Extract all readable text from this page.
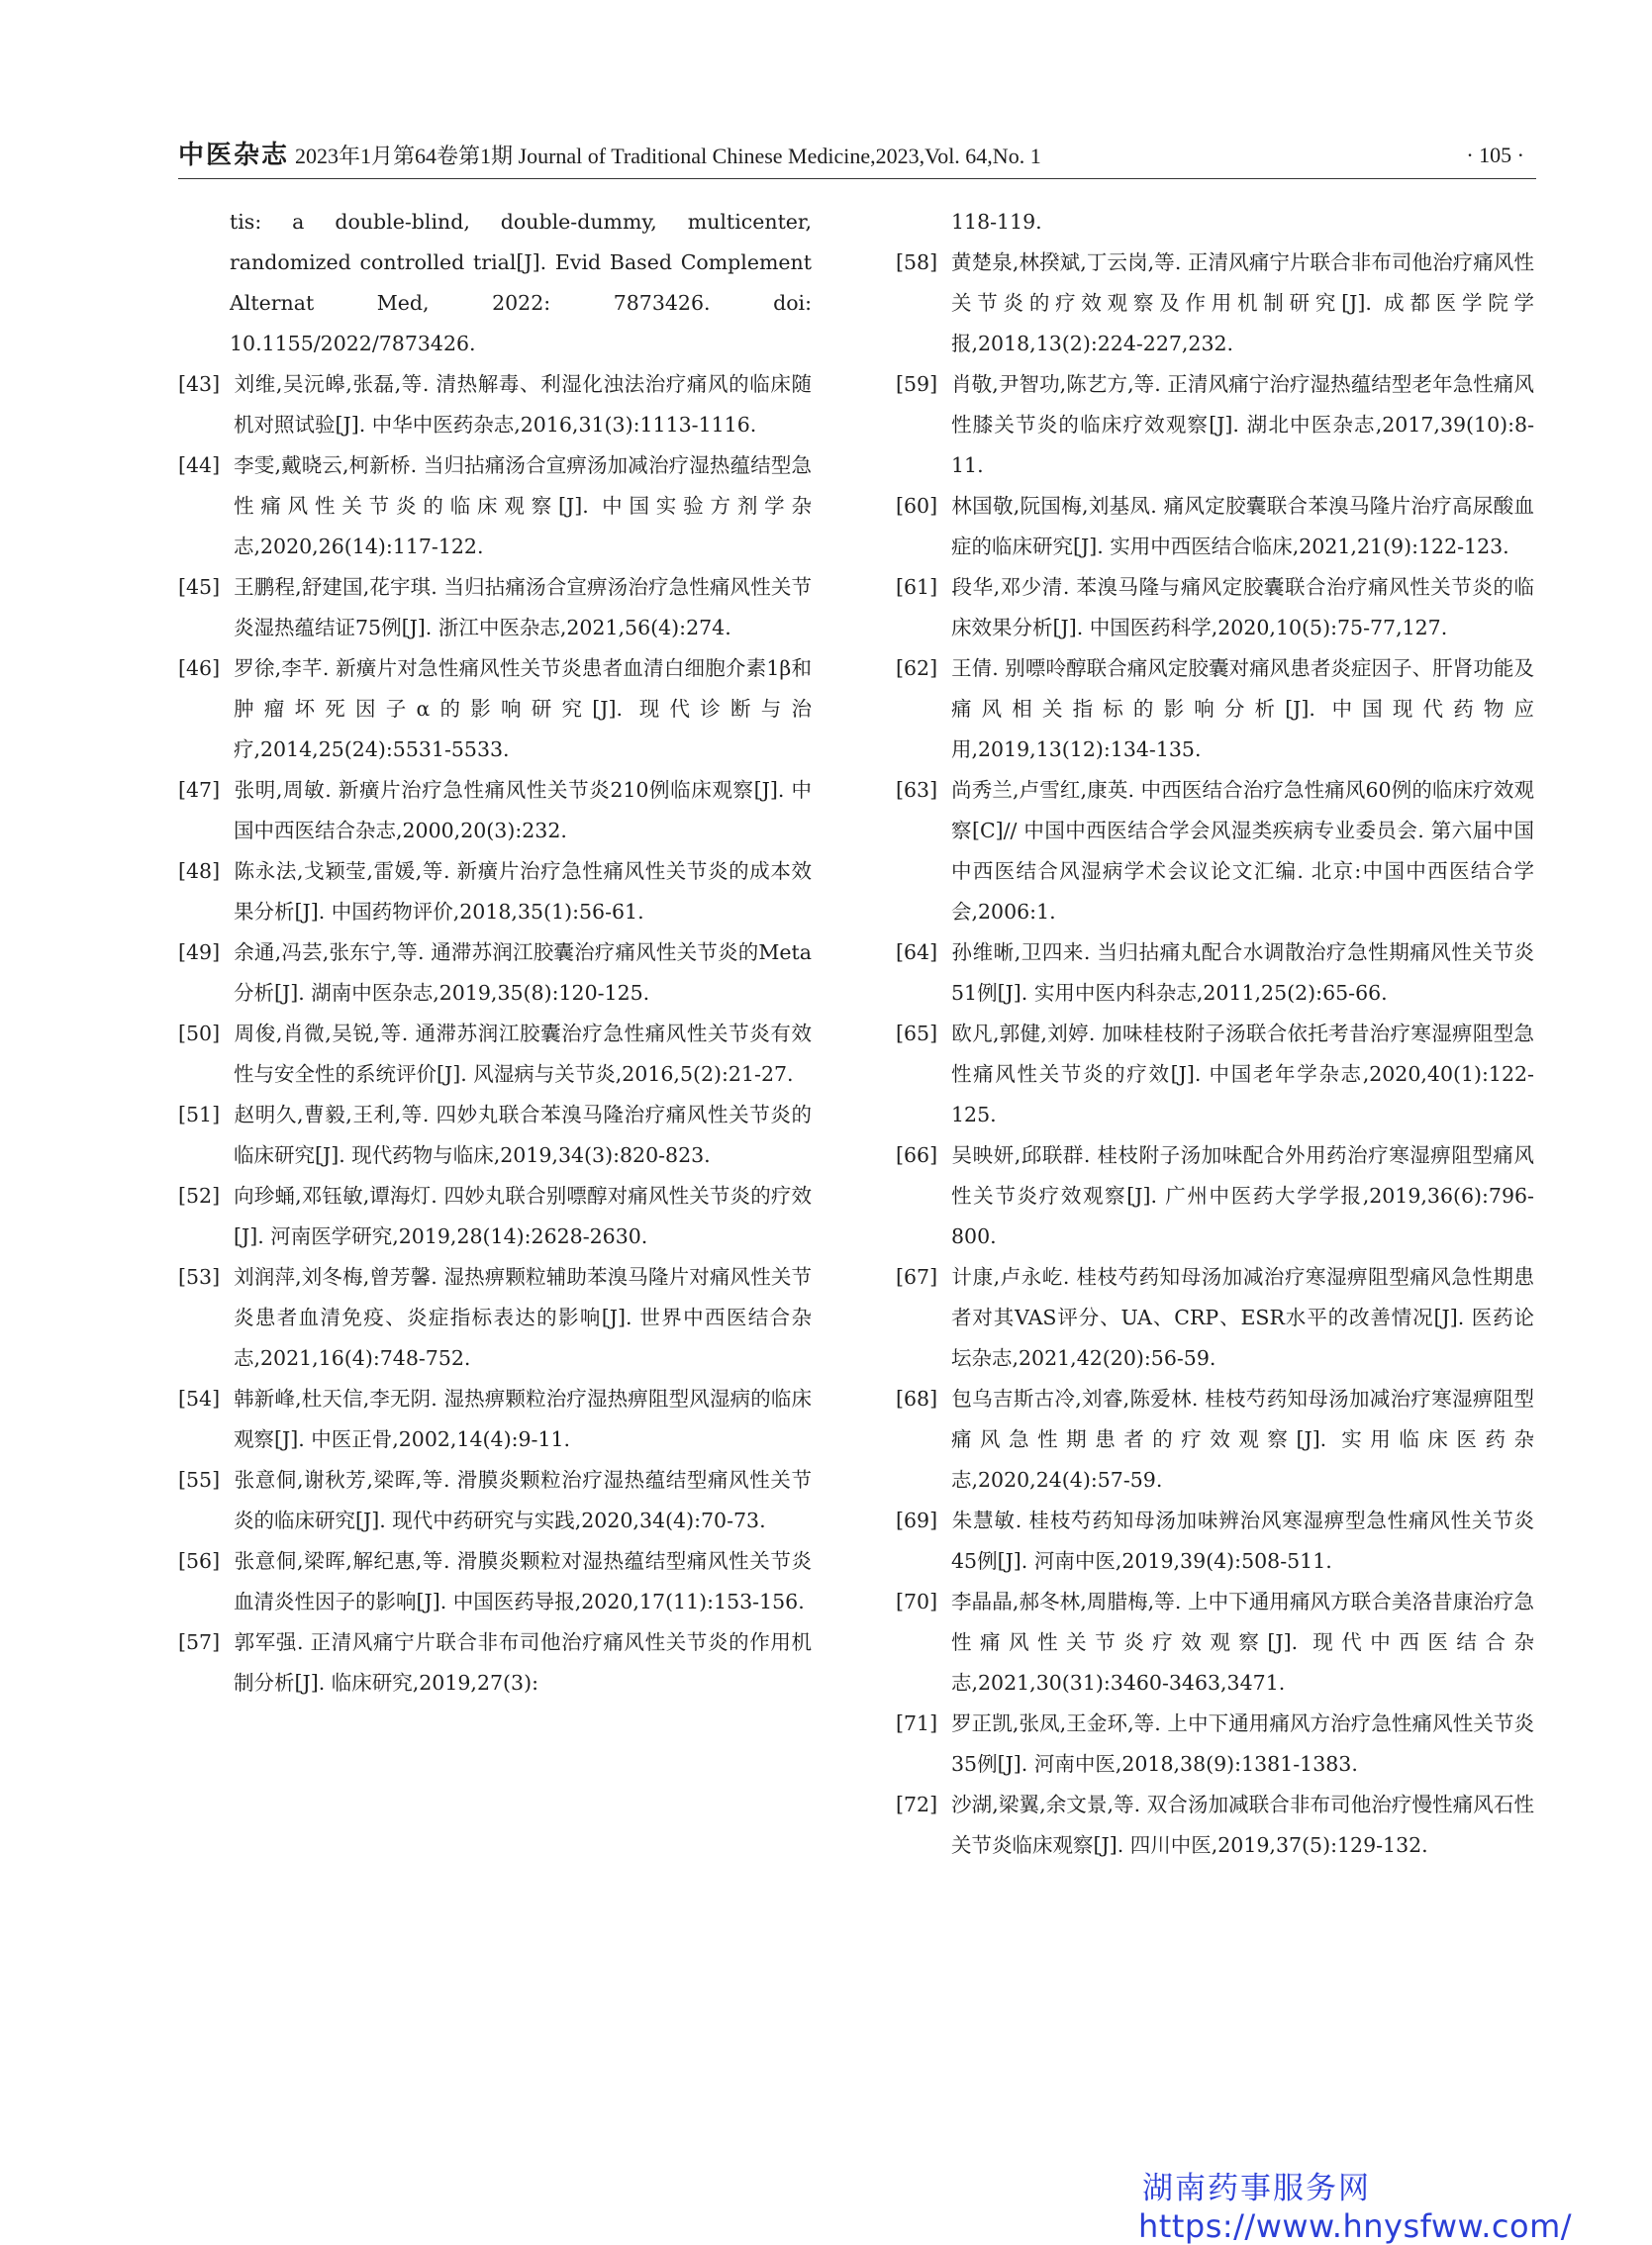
中医杂志 2023年1月第64卷第1期 Journal of Traditional Chinese Medicine,2023,Vol. 64,No. 1	· 105 ·
tis: a double-blind, double-dummy, multicenter, randomized controlled trial[J]. Evid Based Complement Alternat Med, 2022: 7873426. doi: 10.1155/2022/7873426.
[43] 刘维,吴沅皞,张磊,等. 清热解毒、利湿化浊法治疗痛风的临床随机对照试验[J]. 中华中医药杂志,2016,31(3):1113-1116.
[44] 李雯,戴晓云,柯新桥. 当归拈痛汤合宣痹汤加减治疗湿热蕴结型急性痛风性关节炎的临床观察[J]. 中国实验方剂学杂志,2020,26(14):117-122.
[45] 王鹏程,舒建国,花宇琪. 当归拈痛汤合宣痹汤治疗急性痛风性关节炎湿热蕴结证75例[J]. 浙江中医杂志,2021,56(4):274.
[46] 罗徐,李芊. 新癀片对急性痛风性关节炎患者血清白细胞介素1β和肿瘤坏死因子α的影响研究[J]. 现代诊断与治疗,2014,25(24):5531-5533.
[47] 张明,周敏. 新癀片治疗急性痛风性关节炎210例临床观察[J]. 中国中西医结合杂志,2000,20(3):232.
[48] 陈永法,戈颖莹,雷媛,等. 新癀片治疗急性痛风性关节炎的成本效果分析[J]. 中国药物评价,2018,35(1):56-61.
[49] 余通,冯芸,张东宁,等. 通滞苏润江胶囊治疗痛风性关节炎的Meta分析[J]. 湖南中医杂志,2019,35(8):120-125.
[50] 周俊,肖微,吴锐,等. 通滞苏润江胶囊治疗急性痛风性关节炎有效性与安全性的系统评价[J]. 风湿病与关节炎,2016,5(2):21-27.
[51] 赵明久,曹毅,王利,等. 四妙丸联合苯溴马隆治疗痛风性关节炎的临床研究[J]. 现代药物与临床,2019,34(3):820-823.
[52] 向珍蛹,邓钰敏,谭海灯. 四妙丸联合别嘌醇对痛风性关节炎的疗效[J]. 河南医学研究,2019,28(14):2628-2630.
[53] 刘润萍,刘冬梅,曾芳馨. 湿热痹颗粒辅助苯溴马隆片对痛风性关节炎患者血清免疫、炎症指标表达的影响[J]. 世界中西医结合杂志,2021,16(4):748-752.
[54] 韩新峰,杜天信,李无阴. 湿热痹颗粒治疗湿热痹阻型风湿病的临床观察[J]. 中医正骨,2002,14(4):9-11.
[55] 张意侗,谢秋芳,梁晖,等. 滑膜炎颗粒治疗湿热蕴结型痛风性关节炎的临床研究[J]. 现代中药研究与实践,2020,34(4):70-73.
[56] 张意侗,梁晖,解纪惠,等. 滑膜炎颗粒对湿热蕴结型痛风性关节炎血清炎性因子的影响[J]. 中国医药导报,2020,17(11):153-156.
[57] 郭军强. 正清风痛宁片联合非布司他治疗痛风性关节炎的作用机制分析[J]. 临床研究,2019,27(3):
118-119.
[58] 黄楚泉,林揆斌,丁云岗,等. 正清风痛宁片联合非布司他治疗痛风性关节炎的疗效观察及作用机制研究[J]. 成都医学院学报,2018,13(2):224-227,232.
[59] 肖敬,尹智功,陈艺方,等. 正清风痛宁治疗湿热蕴结型老年急性痛风性膝关节炎的临床疗效观察[J]. 湖北中医杂志,2017,39(10):8-11.
[60] 林国敬,阮国梅,刘基凤. 痛风定胶囊联合苯溴马隆片治疗高尿酸血症的临床研究[J]. 实用中西医结合临床,2021,21(9):122-123.
[61] 段华,邓少清. 苯溴马隆与痛风定胶囊联合治疗痛风性关节炎的临床效果分析[J]. 中国医药科学,2020,10(5):75-77,127.
[62] 王倩. 别嘌呤醇联合痛风定胶囊对痛风患者炎症因子、肝肾功能及痛风相关指标的影响分析[J]. 中国现代药物应用,2019,13(12):134-135.
[63] 尚秀兰,卢雪红,康英. 中西医结合治疗急性痛风60例的临床疗效观察[C]// 中国中西医结合学会风湿类疾病专业委员会. 第六届中国中西医结合风湿病学术会议论文汇编. 北京:中国中西医结合学会,2006:1.
[64] 孙维晰,卫四来. 当归拈痛丸配合水调散治疗急性期痛风性关节炎51例[J]. 实用中医内科杂志,2011,25(2):65-66.
[65] 欧凡,郭健,刘婷. 加味桂枝附子汤联合依托考昔治疗寒湿痹阻型急性痛风性关节炎的疗效[J]. 中国老年学杂志,2020,40(1):122-125.
[66] 吴映妍,邱联群. 桂枝附子汤加味配合外用药治疗寒湿痹阻型痛风性关节炎疗效观察[J]. 广州中医药大学学报,2019,36(6):796-800.
[67] 计康,卢永屹. 桂枝芍药知母汤加减治疗寒湿痹阻型痛风急性期患者对其VAS评分、UA、CRP、ESR水平的改善情况[J]. 医药论坛杂志,2021,42(20):56-59.
[68] 包乌吉斯古冷,刘睿,陈爱林. 桂枝芍药知母汤加减治疗寒湿痹阻型痛风急性期患者的疗效观察[J]. 实用临床医药杂志,2020,24(4):57-59.
[69] 朱慧敏. 桂枝芍药知母汤加味辨治风寒湿痹型急性痛风性关节炎45例[J]. 河南中医,2019,39(4):508-511.
[70] 李晶晶,郝冬林,周腊梅,等. 上中下通用痛风方联合美洛昔康治疗急性痛风性关节炎疗效观察[J]. 现代中西医结合杂志,2021,30(31):3460-3463,3471.
[71] 罗正凯,张凤,王金环,等. 上中下通用痛风方治疗急性痛风性关节炎35例[J]. 河南中医,2018,38(9):1381-1383.
[72] 沙湖,梁翼,余文景,等. 双合汤加减联合非布司他治疗慢性痛风石性关节炎临床观察[J]. 四川中医,2019,37(5):129-132.
湖南药事服务网
https://www.hnysfww.com/
